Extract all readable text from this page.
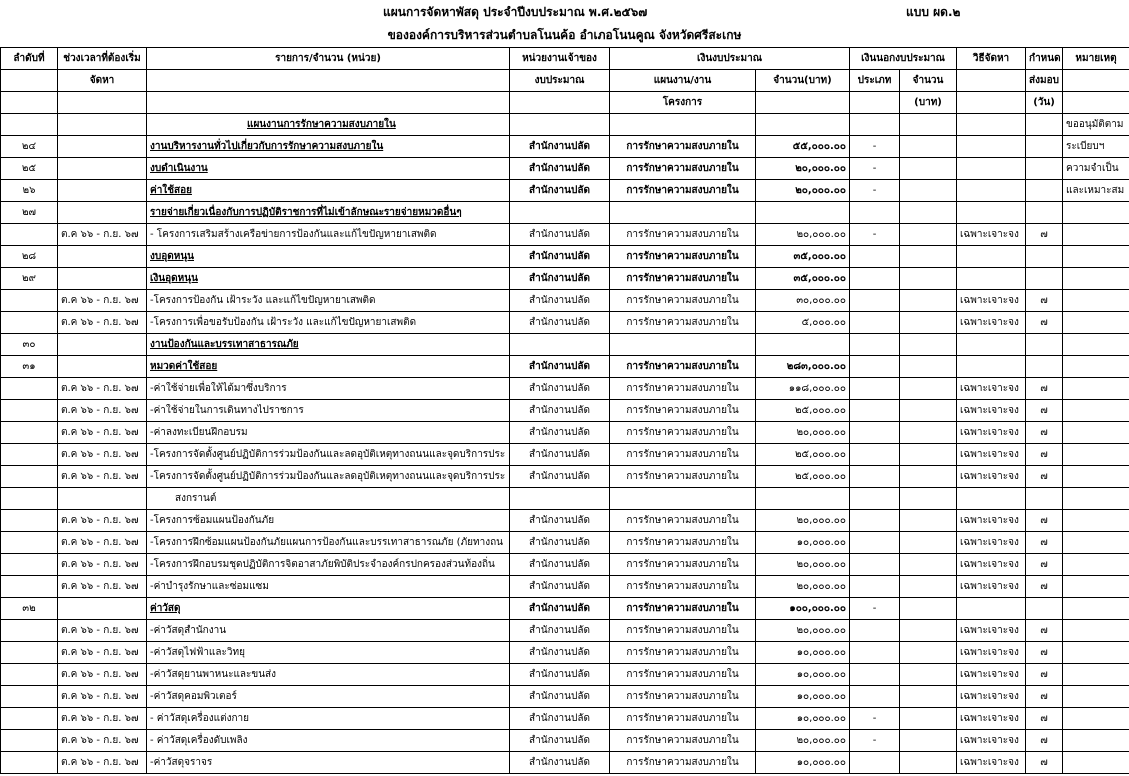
แผนการจัดหาพัสดุ ประจำปีงบประมาณ พ.ศ.๒๕๖๗	แบบ ผด.๒
ขององค์การบริหารส่วนตำบลโนนค้อ อำเภอโนนคูณ จังหวัดศรีสะเกษ
ลำดับที่	ช่วงเวลาที่ต้องเริ่ม	รายการ/จำนวน (หน่วย)	หน่วยงานเจ้าของ	เงินงบประมาณ		เงินนอกงบประมาณ		วิธีจัดหา	กำหนด	หมายเหตุ
	จัดหา		งบประมาณ	แผนงาน/งาน	จำนวน(บาท)	ประเภท	จำนวน		ส่งมอบ	
				โครงการ			(บาท)		(วัน)	
		แผนงานการรักษาความสงบภายใน								ขออนุมัติตาม
๒๔		งานบริหารงานทั่วไปเกี่ยวกับการรักษาความสงบภายใน	สำนักงานปลัด	การรักษาความสงบภายใน	๕๕,๐๐๐.๐๐	-				ระเบียบฯ
๒๕		งบดำเนินงาน	สำนักงานปลัด	การรักษาความสงบภายใน	๒๐,๐๐๐.๐๐	-				ความจำเป็น
๒๖		ค่าใช้สอย	สำนักงานปลัด	การรักษาความสงบภายใน	๒๐,๐๐๐.๐๐	-				และเหมาะสม
๒๗		รายจ่ายเกี่ยวเนื่องกับการปฏิบัติราชการที่ไม่เข้าลักษณะรายจ่ายหมวดอื่นๆ								
	ต.ค ๖๖ - ก.ย. ๖๗	- โครงการเสริมสร้างเครือข่ายการป้องกันและแก้ไขปัญหายาเสพติด	สำนักงานปลัด	การรักษาความสงบภายใน	๒๐,๐๐๐.๐๐	-		เฉพาะเจาะจง	๗	
๒๘		งบอุดหนุน	สำนักงานปลัด	การรักษาความสงบภายใน	๓๕,๐๐๐.๐๐					
๒๙		เงินอุดหนุน	สำนักงานปลัด	การรักษาความสงบภายใน	๓๕,๐๐๐.๐๐					
	ต.ค ๖๖ - ก.ย. ๖๗	-โครงการป้องกัน เฝ้าระวัง และแก้ไขปัญหายาเสพติด	สำนักงานปลัด	การรักษาความสงบภายใน	๓๐,๐๐๐.๐๐			เฉพาะเจาะจง	๗	
	ต.ค ๖๖ - ก.ย. ๖๗	-โครงการเพื่อขอรับป้องกัน เฝ้าระวัง และแก้ไขปัญหายาเสพติด	สำนักงานปลัด	การรักษาความสงบภายใน	๕,๐๐๐.๐๐			เฉพาะเจาะจง	๗	
๓๐		งานป้องกันและบรรเทาสาธารณภัย								
๓๑		หมวดค่าใช้สอย	สำนักงานปลัด	การรักษาความสงบภายใน	๒๘๓,๐๐๐.๐๐					
	ต.ค ๖๖ - ก.ย. ๖๗	-ค่าใช้จ่ายเพื่อให้ได้มาซึ่งบริการ	สำนักงานปลัด	การรักษาความสงบภายใน	๑๑๘,๐๐๐.๐๐			เฉพาะเจาะจง	๗	
	ต.ค ๖๖ - ก.ย. ๖๗	-ค่าใช้จ่ายในการเดินทางไปราชการ	สำนักงานปลัด	การรักษาความสงบภายใน	๒๕,๐๐๐.๐๐			เฉพาะเจาะจง	๗	
	ต.ค ๖๖ - ก.ย. ๖๗	-ค่าลงทะเบียนฝึกอบรม	สำนักงานปลัด	การรักษาความสงบภายใน	๒๐,๐๐๐.๐๐			เฉพาะเจาะจง	๗	
	ต.ค ๖๖ - ก.ย. ๖๗	-โครงการจัดตั้งศูนย์ปฏิบัติการร่วมป้องกันและลดอุบัติเหตุทางถนนและจุดบริการประ	สำนักงานปลัด	การรักษาความสงบภายใน	๒๕,๐๐๐.๐๐			เฉพาะเจาะจง	๗	
	ต.ค ๖๖ - ก.ย. ๖๗	-โครงการจัดตั้งศูนย์ปฏิบัติการร่วมป้องกันและลดอุบัติเหตุทางถนนและจุดบริการประ	สำนักงานปลัด	การรักษาความสงบภายใน	๒๕,๐๐๐.๐๐			เฉพาะเจาะจง	๗	
		สงกรานต์								
	ต.ค ๖๖ - ก.ย. ๖๗	-โครงการซ้อมแผนป้องกันภัย	สำนักงานปลัด	การรักษาความสงบภายใน	๒๐,๐๐๐.๐๐			เฉพาะเจาะจง	๗	
	ต.ค ๖๖ - ก.ย. ๖๗	-โครงการฝึกซ้อมแผนป้องกันภัยแผนการป้องกันและบรรเทาสาธารณภัย (ภัยทางถน	สำนักงานปลัด	การรักษาความสงบภายใน	๑๐,๐๐๐.๐๐			เฉพาะเจาะจง	๗	
	ต.ค ๖๖ - ก.ย. ๖๗	-โครงการฝึกอบรมชุดปฏิบัติการจิตอาสาภัยพิบัติประจำองค์กรปกครองส่วนท้องถิ่น	สำนักงานปลัด	การรักษาความสงบภายใน	๒๐,๐๐๐.๐๐			เฉพาะเจาะจง	๗	
	ต.ค ๖๖ - ก.ย. ๖๗	-ค่าบำรุงรักษาและซ่อมแซม	สำนักงานปลัด	การรักษาความสงบภายใน	๒๐,๐๐๐.๐๐			เฉพาะเจาะจง	๗	
๓๒		ค่าวัสดุ	สำนักงานปลัด	การรักษาความสงบภายใน	๑๐๐,๐๐๐.๐๐	-				
	ต.ค ๖๖ - ก.ย. ๖๗	-ค่าวัสดุสำนักงาน	สำนักงานปลัด	การรักษาความสงบภายใน	๒๐,๐๐๐.๐๐			เฉพาะเจาะจง	๗	
	ต.ค ๖๖ - ก.ย. ๖๗	-ค่าวัสดุไฟฟ้าและวิทยุ	สำนักงานปลัด	การรักษาความสงบภายใน	๑๐,๐๐๐.๐๐			เฉพาะเจาะจง	๗	
	ต.ค ๖๖ - ก.ย. ๖๗	-ค่าวัสดุยานพาหนะและขนส่ง	สำนักงานปลัด	การรักษาความสงบภายใน	๑๐,๐๐๐.๐๐			เฉพาะเจาะจง	๗	
	ต.ค ๖๖ - ก.ย. ๖๗	-ค่าวัสดุคอมพิวเตอร์	สำนักงานปลัด	การรักษาความสงบภายใน	๑๐,๐๐๐.๐๐			เฉพาะเจาะจง	๗	
	ต.ค ๖๖ - ก.ย. ๖๗	- ค่าวัสดุเครื่องแต่งกาย	สำนักงานปลัด	การรักษาความสงบภายใน	๑๐,๐๐๐.๐๐	-		เฉพาะเจาะจง	๗	
	ต.ค ๖๖ - ก.ย. ๖๗	- ค่าวัสดุเครื่องดับเพลิง	สำนักงานปลัด	การรักษาความสงบภายใน	๒๐,๐๐๐.๐๐	-		เฉพาะเจาะจง	๗	
	ต.ค ๖๖ - ก.ย. ๖๗	-ค่าวัสดุจราจร	สำนักงานปลัด	การรักษาความสงบภายใน	๑๐,๐๐๐.๐๐			เฉพาะเจาะจง	๗	
